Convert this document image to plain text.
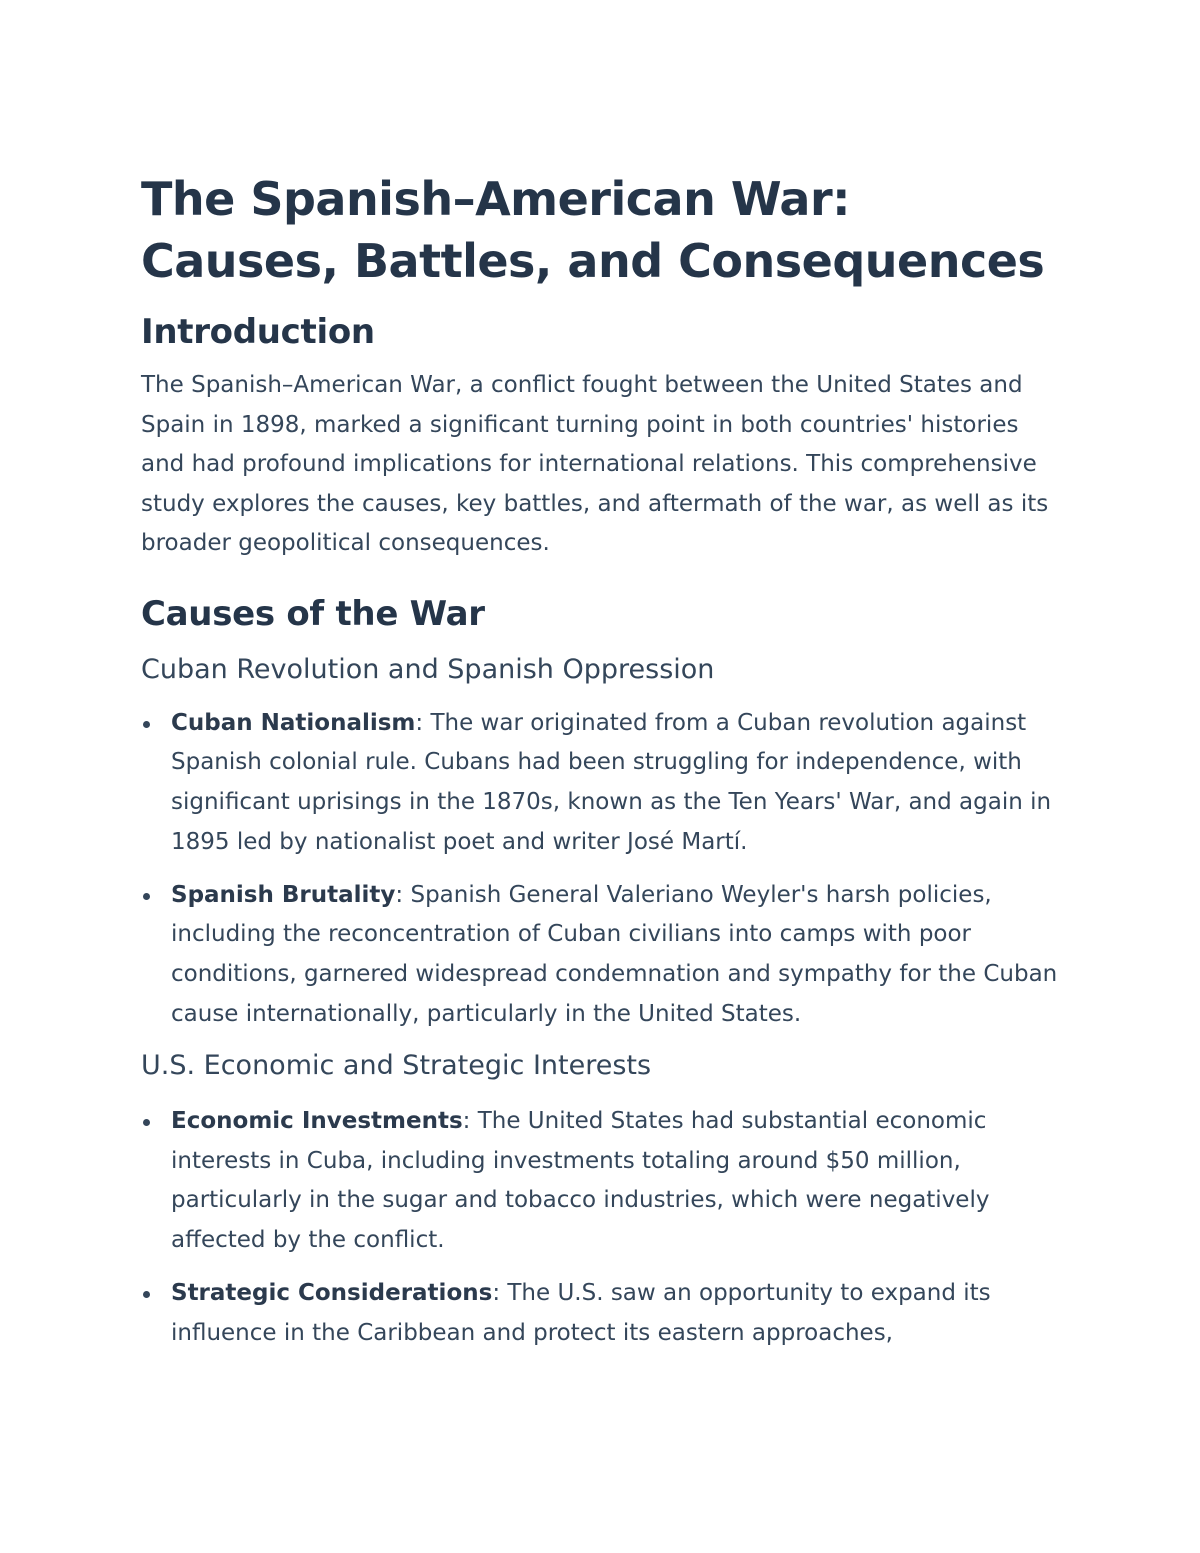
The Spanish–American War: Causes, Battles, and Consequences
Introduction

The Spanish–American War, a conflict fought between the United States and Spain in 1898, marked a significant turning point in both countries' histories and had profound implications for international relations. This comprehensive study explores the causes, key battles, and aftermath of the war, as well as its broader geopolitical consequences.

Causes of the War
Cuban Revolution and Spanish Oppression
Cuban Nationalism: The war originated from a Cuban revolution against Spanish colonial rule. Cubans had been struggling for independence, with significant uprisings in the 1870s, known as the Ten Years' War, and again in 1895 led by nationalist poet and writer José Martí.
Spanish Brutality: Spanish General Valeriano Weyler's harsh policies, including the reconcentration of Cuban civilians into camps with poor conditions, garnered widespread condemnation and sympathy for the Cuban cause internationally, particularly in the United States.
U.S. Economic and Strategic Interests
Economic Investments: The United States had substantial economic interests in Cuba, including investments totaling around $50 million, particularly in the sugar and tobacco industries, which were negatively affected by the conflict.
Strategic Considerations: The U.S. saw an opportunity to expand its influence in the Caribbean and protect its eastern approaches,
